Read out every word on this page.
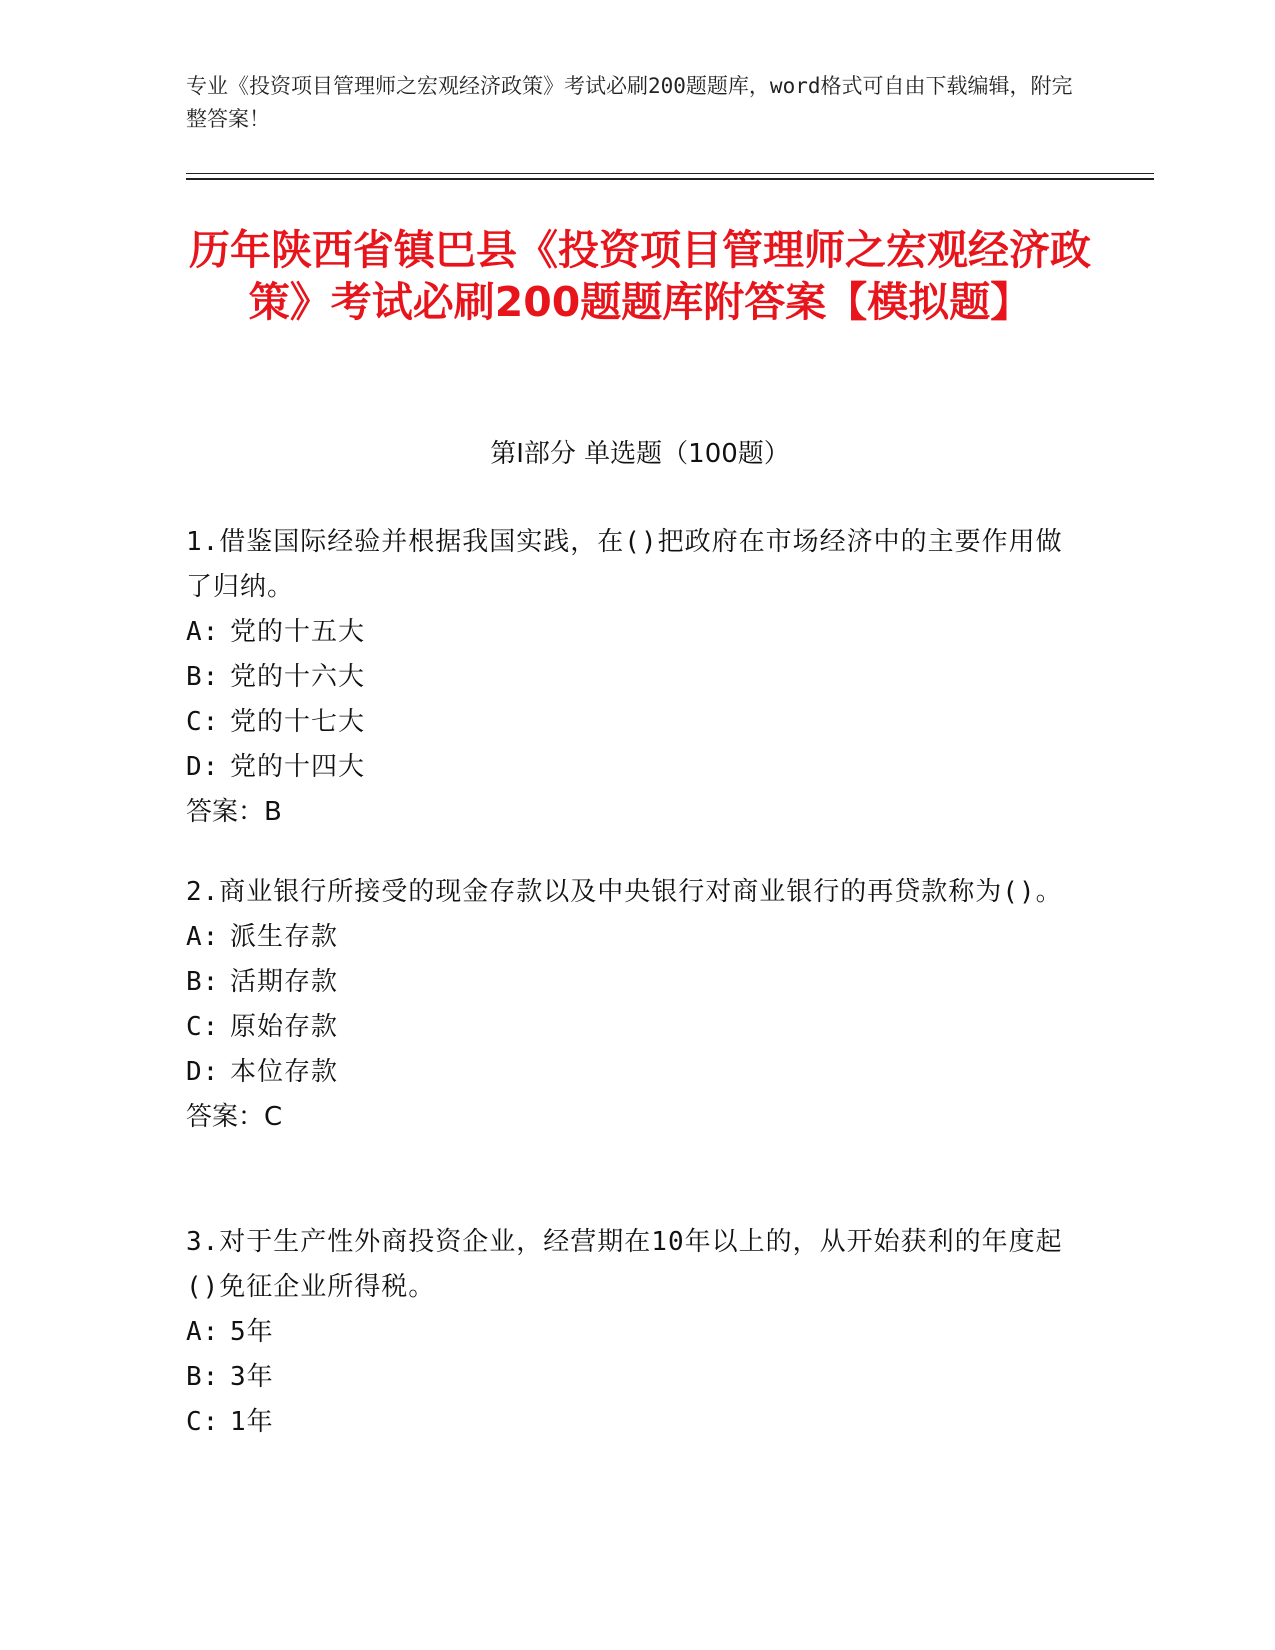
专业《投资项目管理师之宏观经济政策》考试必刷200题题库，word格式可自由下载编辑，附完整答案！
历年陕西省镇巴县《投资项目管理师之宏观经济政策》考试必刷200题题库附答案【模拟题】
第I部分 单选题（100题）

1.借鉴国际经验并根据我国实践，在()把政府在市场经济中的主要作用做了归纳。

A: 党的十五大

B: 党的十六大

C: 党的十七大

D: 党的十四大

答案：B

2.商业银行所接受的现金存款以及中央银行对商业银行的再贷款称为()。

A: 派生存款

B: 活期存款

C: 原始存款

D: 本位存款

答案：C

3.对于生产性外商投资企业，经营期在10年以上的，从开始获利的年度起()免征企业所得税。

A: 5年

B: 3年

C: 1年
